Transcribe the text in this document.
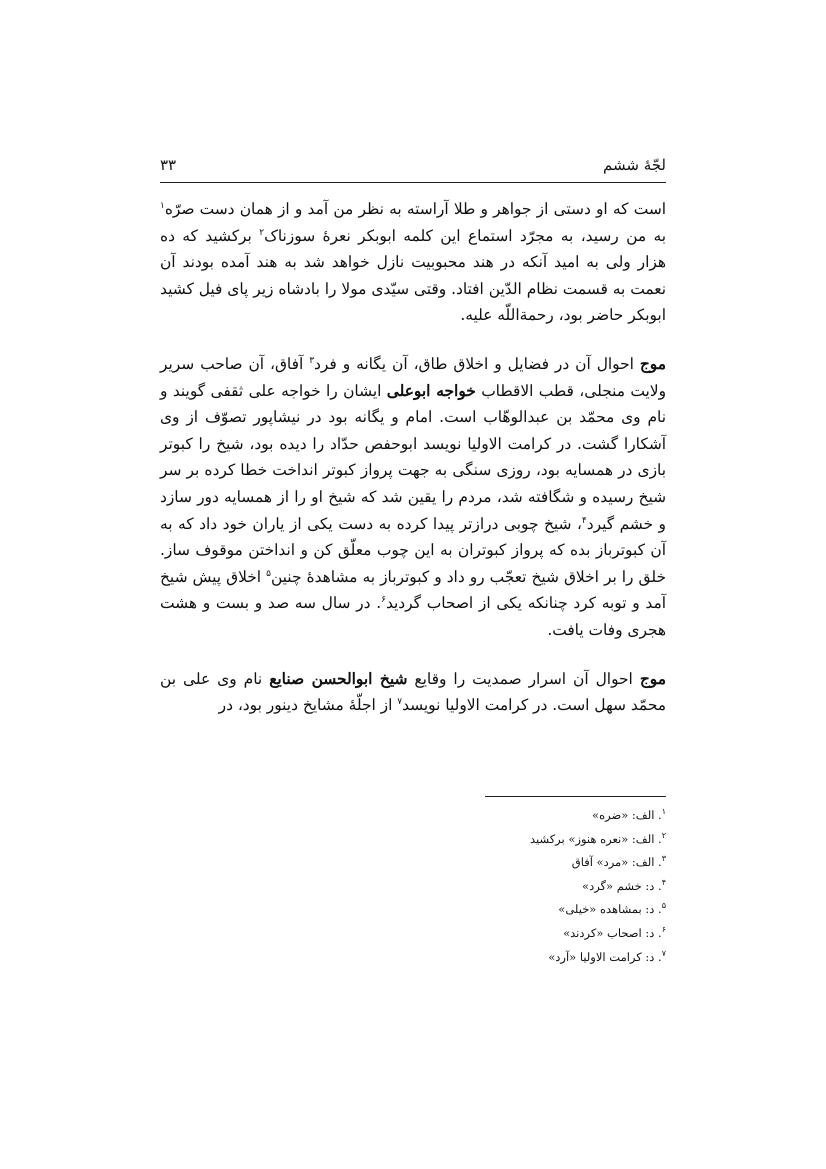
لجّهٔ ششم
۳۳

است که او دستی از جواهر و طلا آراسته به نظر من آمد و از همان دست صرّه$^۱$ به من رسید، به مجرّد استماع این کلمه ابوبکر نعرهٔ سوزناک$^۲$ برکشید که ده هزار ولی به امید آنکه در هند محبوبیت نازل خواهد شد به هند آمده بودند آن نعمت به قسمت نظام الدّین افتاد. وقتی سیّدی مولا را بادشاه زیر پای فیل کشید ابوبکر حاضر بود، رحمةاللّه علیه.

موج احوال آن در فضایل و اخلاق طاق، آن یگانه و فرد$^۳$ آفاق، آن صاحب سریر ولایت منجلی، قطب الاقطاب خواجه ابوعلی ایشان را خواجه علی ثقفی گویند و نام وی محمّد بن عبدالوهّاب است. امام و یگانه بود در نیشاپور تصوّف از وی آشکارا گشت. در کرامت الاولیا نویسد ابوحفص حدّاد را دیده بود، شیخ را کبوتر بازی در همسایه بود، روزی سنگی به جهت پرواز کبوتر انداخت خطا کرده بر سر شیخ رسیده و شگافته شد، مردم را یقین شد که شیخ او را از همسایه دور سازد و خشم گیرد$^۴$، شیخ چوبی درازتر پیدا کرده به دست یکی از یاران خود داد که به آن کبوترباز بده که پرواز کبوتران به این چوب معلّق کن و انداختن موقوف ساز. خلق را بر اخلاق شیخ تعجّب رو داد و کبوترباز به مشاهدهٔ چنین$^۵$ اخلاق پیش شیخ آمد و توبه کرد چنانکه یکی از اصحاب گردید$^۶$. در سال سه صد و بست و هشت هجری وفات یافت.

موج احوال آن اسرار صمدیت را وقایع شیخ ابوالحسن صنایع نام وی علی بن محمّد سهل است. در کرامت الاولیا نویسد$^۷$ از اجلّهٔ مشایخ دینور بود، در

$^۱$. الف: «ضره»
$^۲$. الف: «نعره هنوز» برکشید
$^۳$. الف: «مرد» آفاق
$^۴$. د: خشم «گرد»
$^۵$. د: بمشاهده «خیلی»
$^۶$. د: اصحاب «کردند»
$^۷$. د: کرامت الاولیا «آرد»
